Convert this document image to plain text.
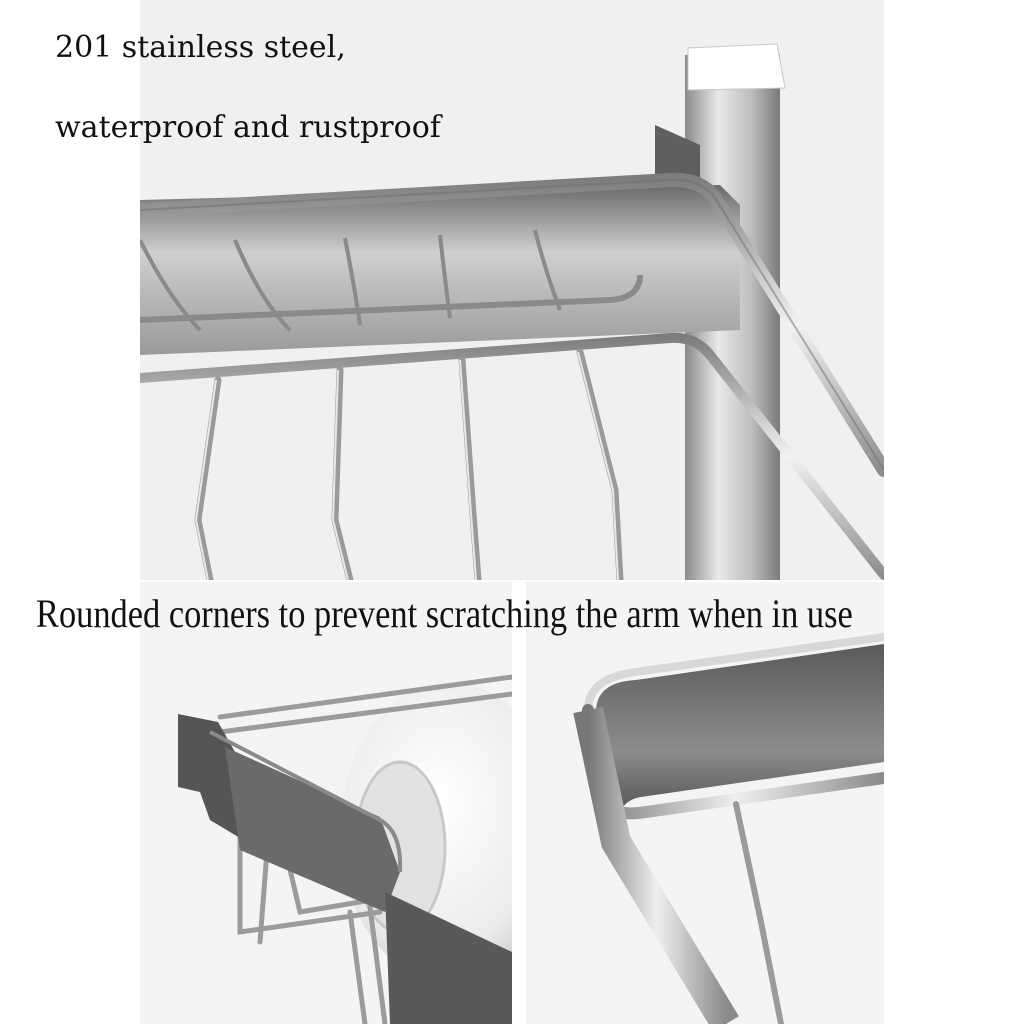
201 stainless steel,
waterproof and rustproof
Rounded corners to prevent scratching the arm when in use
